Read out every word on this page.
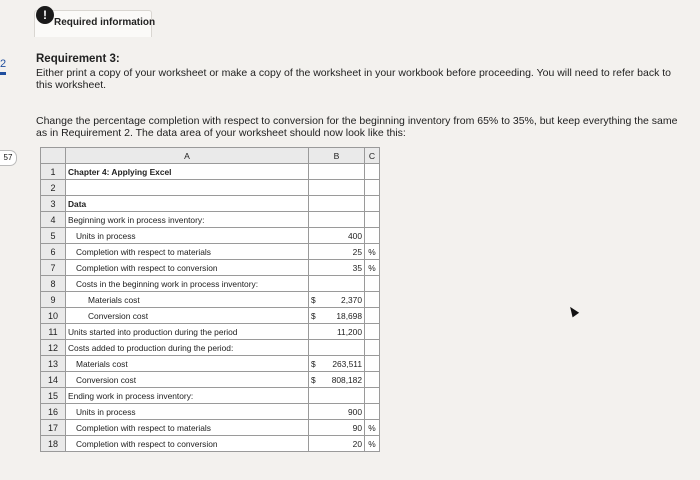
!
Required information
2
57
Requirement 3:
Either print a copy of your worksheet or make a copy of the worksheet in your workbook before proceeding. You will need to refer back to this worksheet.
Change the percentage completion with respect to conversion for the beginning inventory from 65% to 35%, but keep everything the same as in Requirement 2. The data area of your worksheet should now look like this:
	A	B	C
1	Chapter 4: Applying Excel		
2			
3	Data		
4	Beginning work in process inventory:		
5	Units in process	400	
6	Completion with respect to materials	25	%
7	Completion with respect to conversion	35	%
8	Costs in the beginning work in process inventory:		
9	Materials cost	$ 2,370	
10	Conversion cost	$ 18,698	
11	Units started into production during the period	11,200	
12	Costs added to production during the period:		
13	Materials cost	$ 263,511	
14	Conversion cost	$ 808,182	
15	Ending work in process inventory:		
16	Units in process	900	
17	Completion with respect to materials	90	%
18	Completion with respect to conversion	20	%
